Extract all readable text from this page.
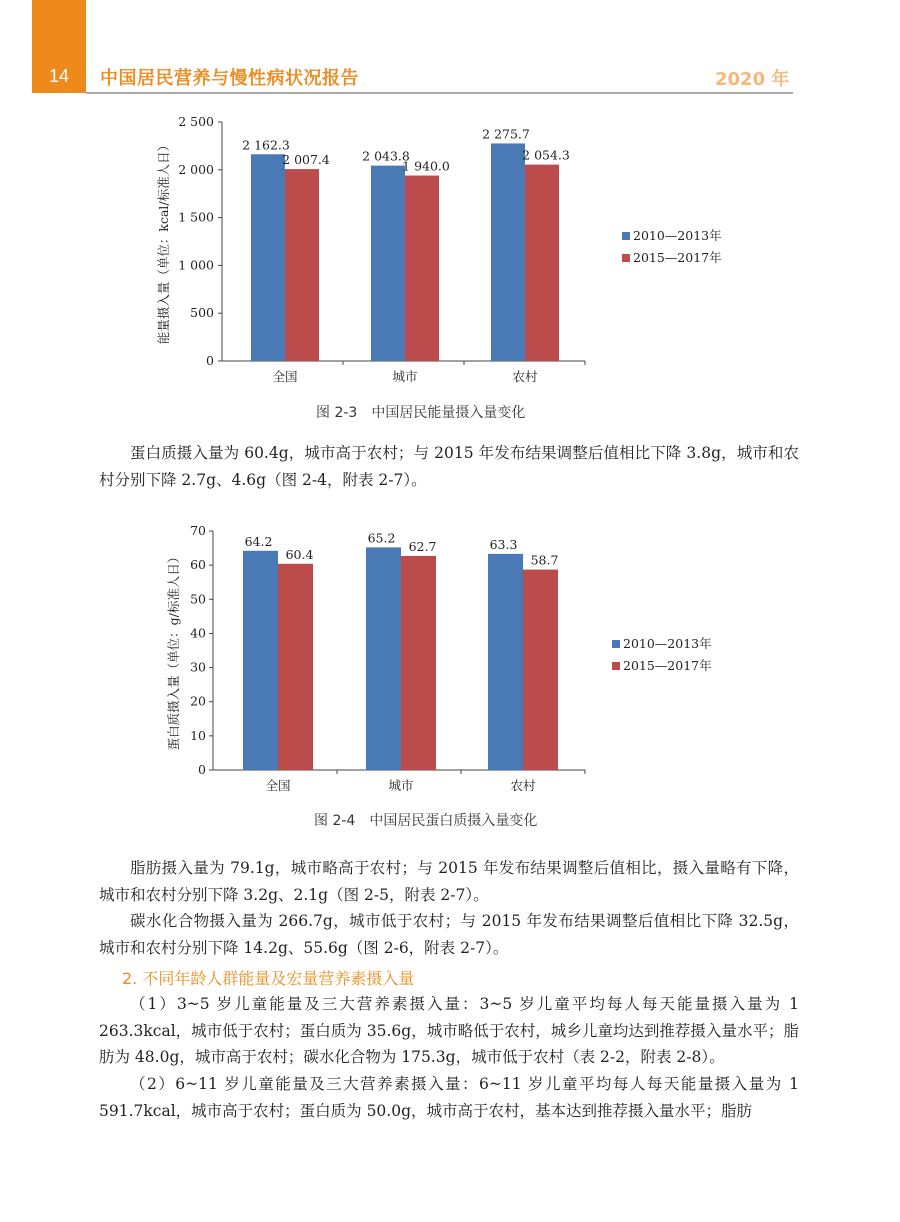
14	中国居民营养与慢性病状况报告	2020 年
0
500
1 000
1 500
2 000
2 500
2 162.3
2 007.4
全国
2 043.8
1 940.0
城市
2 275.7
2 054.3
农村
能量摄入量（单位：kcal/标准人日）	2010—2013年
2015—2017年
图 2-3　中国居民能量摄入量变化

蛋白质摄入量为 60.4g，城市高于农村；与 2015 年发布结果调整后值相比下降 3.8g，城市和农村分别下降 2.7g、4.6g（图 2-4，附表 2-7）。

0
10
20
30
40
50
60
70
64.2
60.4
全国
65.2
62.7
城市
63.3
58.7
农村
蛋白质摄入量（单位：g/标准人日）	2010—2013年
2015—2017年
图 2-4　中国居民蛋白质摄入量变化

脂肪摄入量为 79.1g，城市略高于农村；与 2015 年发布结果调整后值相比，摄入量略有下降，城市和农村分别下降 3.2g、2.1g（图 2-5，附表 2-7）。

碳水化合物摄入量为 266.7g，城市低于农村；与 2015 年发布结果调整后值相比下降 32.5g，城市和农村分别下降 14.2g、55.6g（图 2-6，附表 2-7）。

2. 不同年龄人群能量及宏量营养素摄入量

（1）3~5 岁儿童能量及三大营养素摄入量：3~5 岁儿童平均每人每天能量摄入量为 1 263.3kcal，城市低于农村；蛋白质为 35.6g，城市略低于农村，城乡儿童均达到推荐摄入量水平；脂肪为 48.0g，城市高于农村；碳水化合物为 175.3g，城市低于农村（表 2-2，附表 2-8）。

（2）6~11 岁儿童能量及三大营养素摄入量：6~11 岁儿童平均每人每天能量摄入量为 1 591.7kcal，城市高于农村；蛋白质为 50.0g，城市高于农村，基本达到推荐摄入量水平；脂肪
